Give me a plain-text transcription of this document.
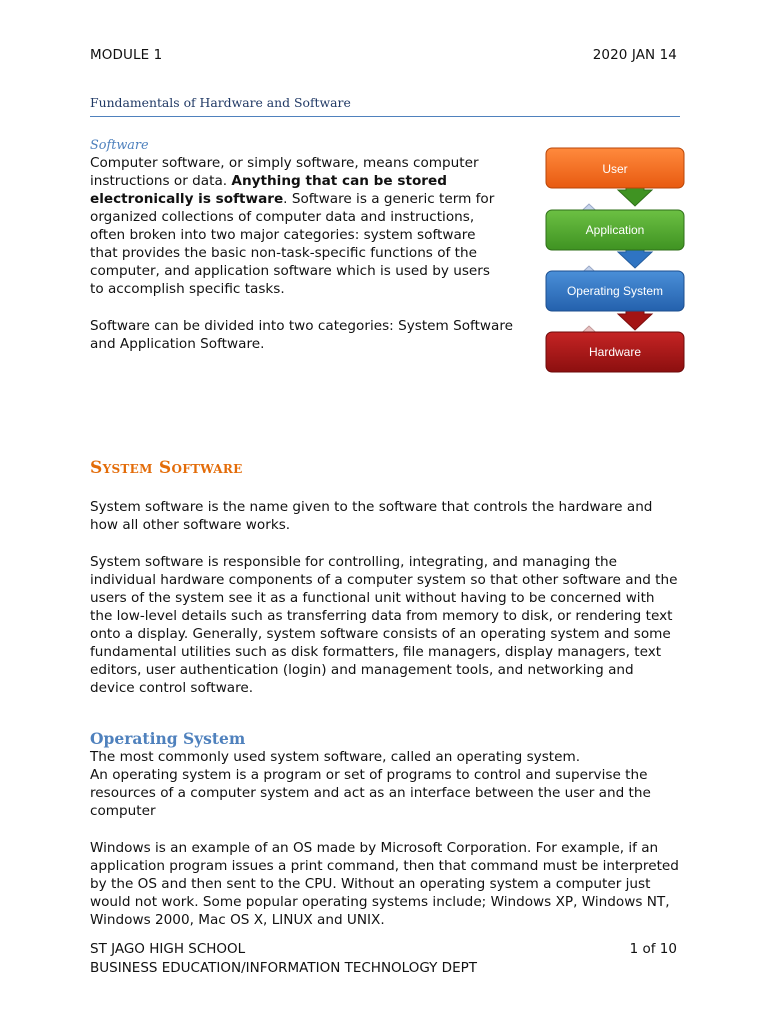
MODULE 1	2020 JAN 14
Fundamentals of Hardware and Software
Software

Computer software, or simply software, means computer instructions or data. Anything that can be stored electronically is software. Software is a generic term for organized collections of computer data and instructions, often broken into two major categories: system software that provides the basic non-task-specific functions of the computer, and application software which is used by users to accomplish specific tasks.

Software can be divided into two categories: System Software and Application Software.

User
Application
Operating System
Hardware
System Software

System software is the name given to the software that controls the hardware and how all other software works.

System software is responsible for controlling, integrating, and managing the individual hardware components of a computer system so that other software and the users of the system see it as a functional unit without having to be concerned with the low-level details such as transferring data from memory to disk, or rendering text onto a display. Generally, system software consists of an operating system and some fundamental utilities such as disk formatters, file managers, display managers, text editors, user authentication (login) and management tools, and networking and device control software.

Operating System

The most commonly used system software, called an operating system.

An operating system is a program or set of programs to control and supervise the resources of a computer system and act as an interface between the user and the computer

Windows is an example of an OS made by Microsoft Corporation. For example, if an application program issues a print command, then that command must be interpreted by the OS and then sent to the CPU. Without an operating system a computer just would not work. Some popular operating systems include; Windows XP, Windows NT, Windows 2000, Mac OS X, LINUX and UNIX.

ST JAGO HIGH SCHOOL	1 of 10
BUSINESS EDUCATION/INFORMATION TECHNOLOGY DEPT
